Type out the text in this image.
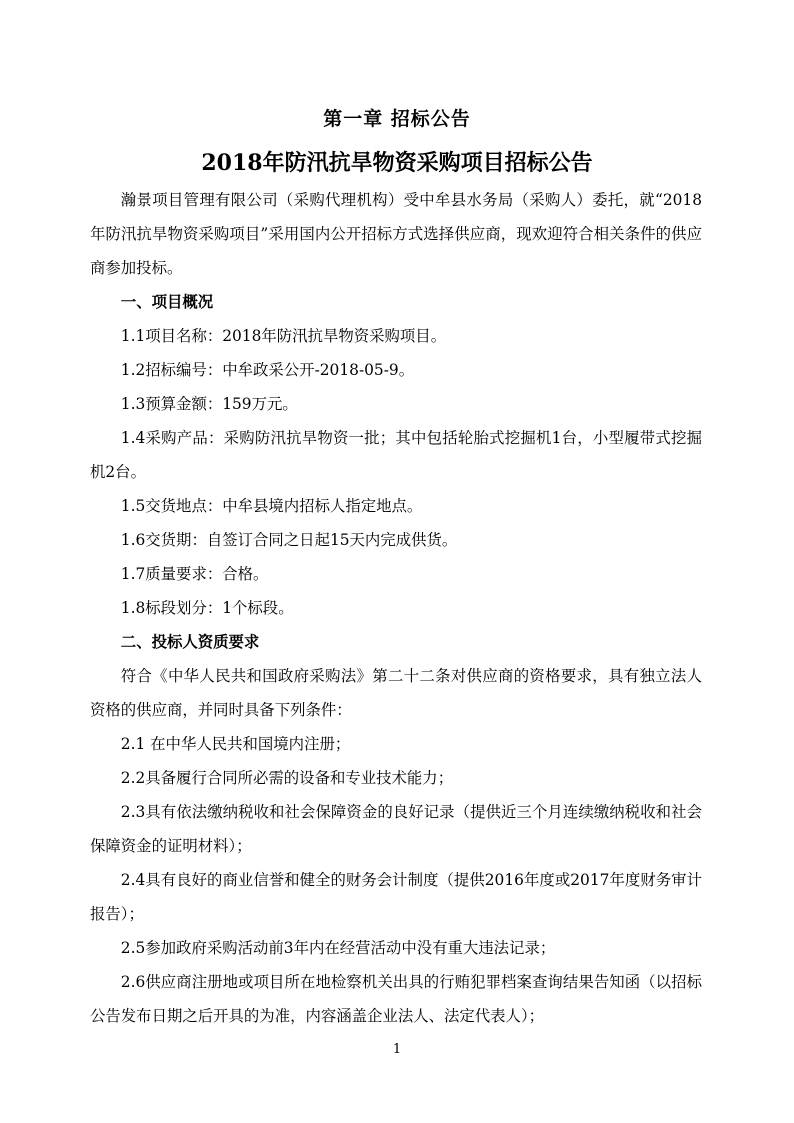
第一章 招标公告
2018年防汛抗旱物资采购项目招标公告

瀚景项目管理有限公司（采购代理机构）受中牟县水务局（采购人）委托，就“2018年防汛抗旱物资采购项目”采用国内公开招标方式选择供应商，现欢迎符合相关条件的供应商参加投标。

一、项目概况

1.1项目名称：2018年防汛抗旱物资采购项目。

1.2招标编号：中牟政采公开-2018-05-9。

1.3预算金额：159万元。

1.4采购产品：采购防汛抗旱物资一批；其中包括轮胎式挖掘机1台，小型履带式挖掘机2台。

1.5交货地点：中牟县境内招标人指定地点。

1.6交货期：自签订合同之日起15天内完成供货。

1.7质量要求：合格。

1.8标段划分：1个标段。

二、投标人资质要求

符合《中华人民共和国政府采购法》第二十二条对供应商的资格要求，具有独立法人资格的供应商，并同时具备下列条件：

2.1 在中华人民共和国境内注册；

2.2具备履行合同所必需的设备和专业技术能力；

2.3具有依法缴纳税收和社会保障资金的良好记录（提供近三个月连续缴纳税收和社会保障资金的证明材料）；

2.4具有良好的商业信誉和健全的财务会计制度（提供2016年度或2017年度财务审计报告）；

2.5参加政府采购活动前3年内在经营活动中没有重大违法记录；

2.6供应商注册地或项目所在地检察机关出具的行贿犯罪档案查询结果告知函（以招标公告发布日期之后开具的为准，内容涵盖企业法人、法定代表人）；

1
